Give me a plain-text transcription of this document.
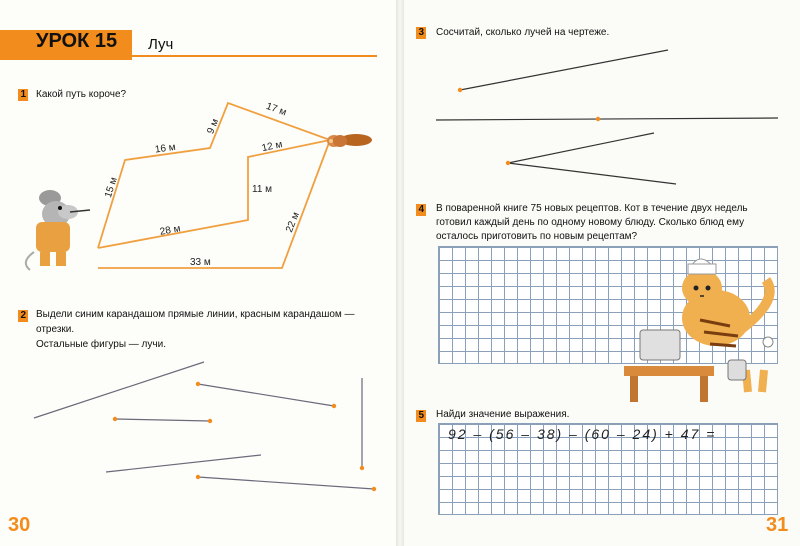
УРОК 15 Луч
1 Какой путь короче?
2 Выдели синим карандашом прямые линии, красным карандашом —
отрезки.
Остальные фигуры — лучи.
30
3 Сосчитай, сколько лучей на чертеже.
4 В поваренной книге 75 новых рецептов. Кот в течение двух недель
готовил каждый день по одному новому блюду. Сколько блюд ему
осталось приготовить по новым рецептам?
5 Найди значение выражения.
92 – (56 – 38) – (60 – 24) + 47 =
31
17 м
9 м
16 м
15 м
12 м
11 м
28 м	22 м
33 м
